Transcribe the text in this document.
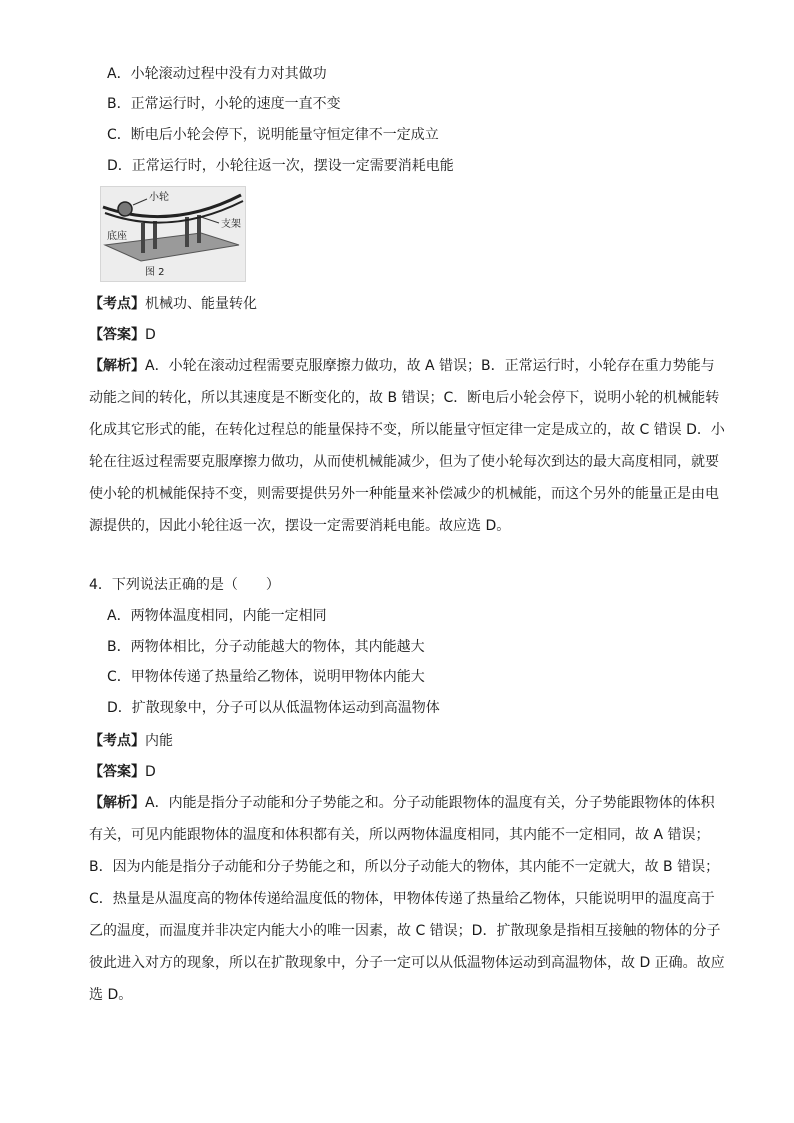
A．小轮滚动过程中没有力对其做功
B．正常运行时，小轮的速度一直不变
C．断电后小轮会停下，说明能量守恒定律不一定成立
D．正常运行时，小轮往返一次，摆设一定需要消耗电能
小轮
支架
底座
图 2
【考点】机械功、能量转化
【答案】D
【解析】A．小轮在滚动过程需要克服摩擦力做功，故 A 错误；B．正常运行时，小轮存在重力势能与
动能之间的转化，所以其速度是不断变化的，故 B 错误；C．断电后小轮会停下，说明小轮的机械能转
化成其它形式的能，在转化过程总的能量保持不变，所以能量守恒定律一定是成立的，故 C 错误 D．小
轮在往返过程需要克服摩擦力做功，从而使机械能减少，但为了使小轮每次到达的最大高度相同，就要
使小轮的机械能保持不变，则需要提供另外一种能量来补偿减少的机械能，而这个另外的能量正是由电
源提供的，因此小轮往返一次，摆设一定需要消耗电能。故应选 D。
4．下列说法正确的是（　　）
A．两物体温度相同，内能一定相同
B．两物体相比，分子动能越大的物体，其内能越大
C．甲物体传递了热量给乙物体，说明甲物体内能大
D．扩散现象中，分子可以从低温物体运动到高温物体
【考点】内能
【答案】D
【解析】A．内能是指分子动能和分子势能之和。分子动能跟物体的温度有关，分子势能跟物体的体积
有关，可见内能跟物体的温度和体积都有关，所以两物体温度相同，其内能不一定相同，故 A 错误；
B．因为内能是指分子动能和分子势能之和，所以分子动能大的物体，其内能不一定就大，故 B 错误；
C．热量是从温度高的物体传递给温度低的物体，甲物体传递了热量给乙物体，只能说明甲的温度高于
乙的温度，而温度并非决定内能大小的唯一因素，故 C 错误；D．扩散现象是指相互接触的物体的分子
彼此进入对方的现象，所以在扩散现象中，分子一定可以从低温物体运动到高温物体，故 D 正确。故应
选 D。
